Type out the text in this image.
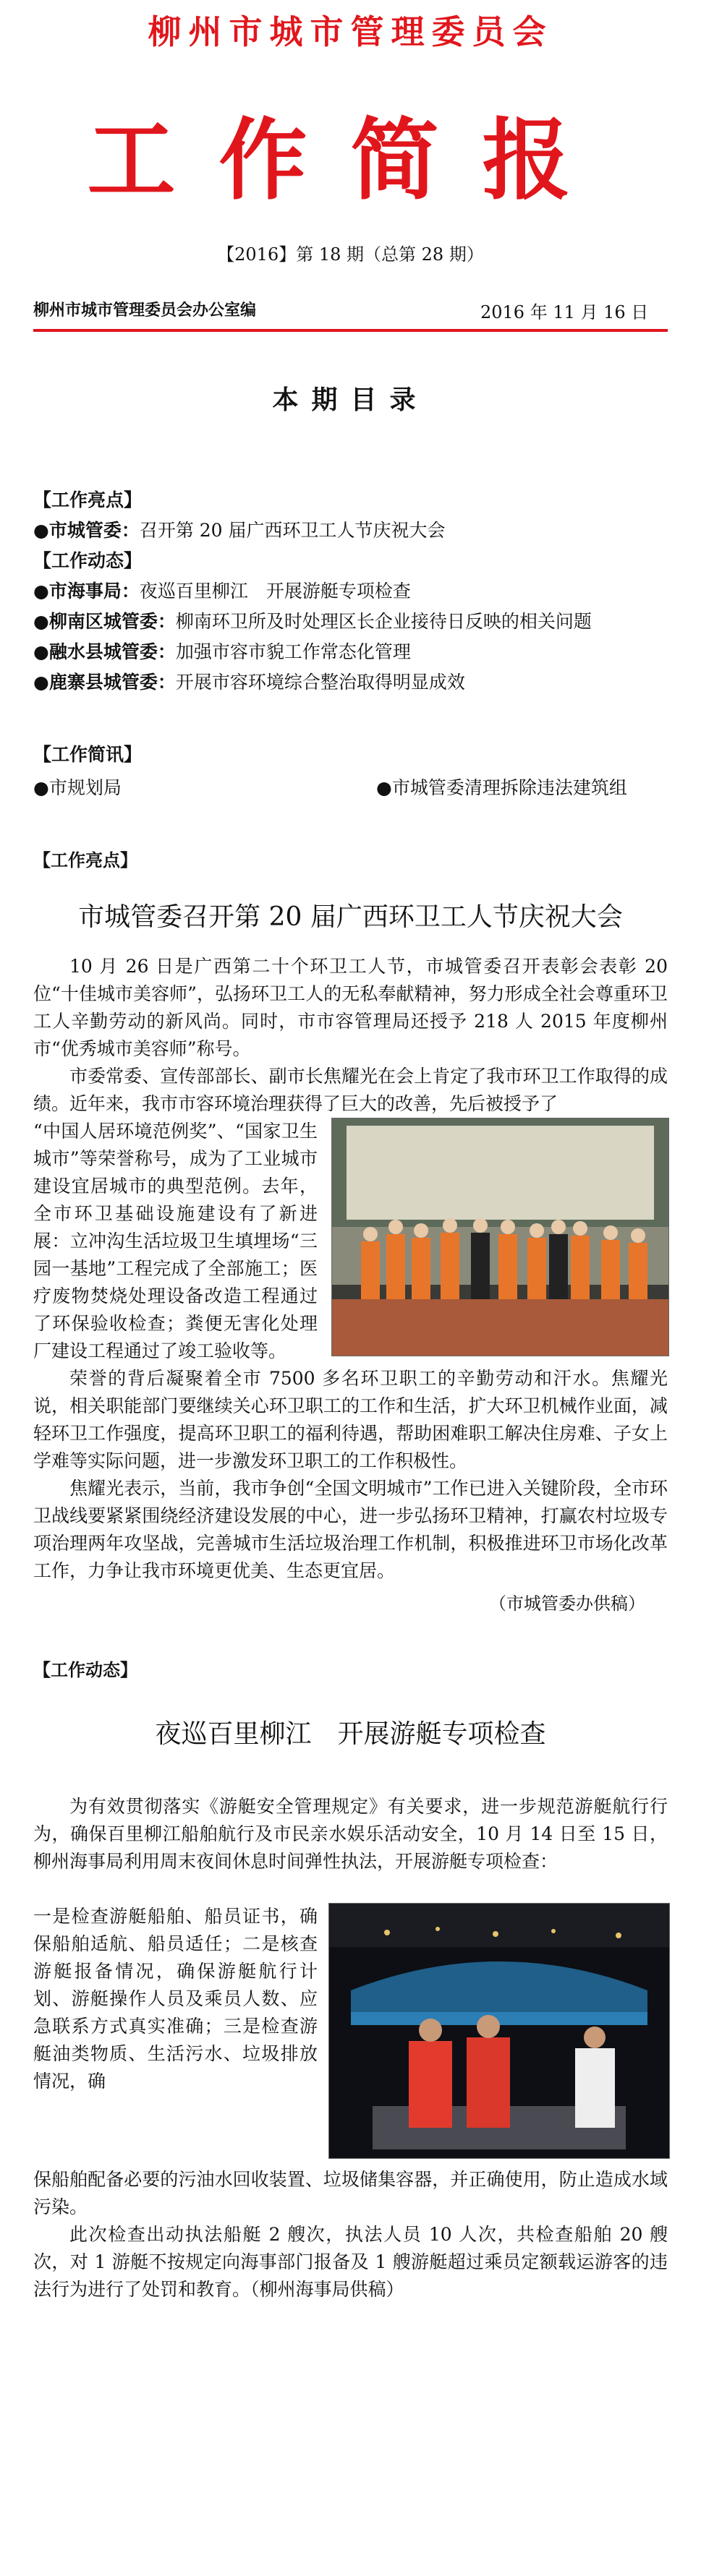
柳州市城市管理委员会
工作简报
【2016】第 18 期（总第 28 期）
柳州市城市管理委员会办公室编	2016 年 11 月 16 日
本期目录
【工作亮点】
●市城管委：召开第 20 届广西环卫工人节庆祝大会
【工作动态】
●市海事局：夜巡百里柳江　开展游艇专项检查
●柳南区城管委：柳南环卫所及时处理区长企业接待日反映的相关问题
●融水县城管委：加强市容市貌工作常态化管理
●鹿寨县城管委：开展市容环境综合整治取得明显成效
【工作简讯】
●市规划局	●市城管委清理拆除违法建筑组
【工作亮点】
市城管委召开第 20 届广西环卫工人节庆祝大会
10 月 26 日是广西第二十个环卫工人节，市城管委召开表彰会表彰 20 位“十佳城市美容师”，弘扬环卫工人的无私奉献精神，努力形成全社会尊重环卫工人辛勤劳动的新风尚。同时，市市容管理局还授予 218 人 2015 年度柳州市“优秀城市美容师”称号。
市委常委、宣传部部长、副市长焦耀光在会上肯定了我市环卫工作取得的成绩。近年来，我市市容环境治理获得了巨大的改善，先后被授予了
“中国人居环境范例奖”、“国家卫生城市”等荣誉称号，成为了工业城市建设宜居城市的典型范例。去年，全市环卫基础设施建设有了新进展：立冲沟生活垃圾卫生填埋场“三园一基地”工程完成了全部施工；医疗废物焚烧处理设备改造工程通过了环保验收检查；粪便无害化处理厂建设工程通过了竣工验收等。
荣誉的背后凝聚着全市 7500 多名环卫职工的辛勤劳动和汗水。焦耀光说，相关职能部门要继续关心环卫职工的工作和生活，扩大环卫机械作业面，减轻环卫工作强度，提高环卫职工的福利待遇，帮助困难职工解决住房难、子女上学难等实际问题，进一步激发环卫职工的工作积极性。
焦耀光表示，当前，我市争创“全国文明城市”工作已进入关键阶段，全市环卫战线要紧紧围绕经济建设发展的中心，进一步弘扬环卫精神，打赢农村垃圾专项治理两年攻坚战，完善城市生活垃圾治理工作机制，积极推进环卫市场化改革工作，力争让我市环境更优美、生态更宜居。
（市城管委办供稿）
【工作动态】
夜巡百里柳江　开展游艇专项检查
为有效贯彻落实《游艇安全管理规定》有关要求，进一步规范游艇航行行为，确保百里柳江船舶航行及市民亲水娱乐活动安全，10 月 14 日至 15 日，柳州海事局利用周末夜间休息时间弹性执法，开展游艇专项检查：
一是检查游艇船舶、船员证书，确保船舶适航、船员适任；二是核查游艇报备情况，确保游艇航行计划、游艇操作人员及乘员人数、应急联系方式真实准确；三是检查游艇油类物质、生活污水、垃圾排放情况，确
保船舶配备必要的污油水回收装置、垃圾储集容器，并正确使用，防止造成水域污染。
此次检查出动执法船艇 2 艘次，执法人员 10 人次，共检查船舶 20 艘次，对 1 游艇不按规定向海事部门报备及 1 艘游艇超过乘员定额载运游客的违法行为进行了处罚和教育。（柳州海事局供稿）
